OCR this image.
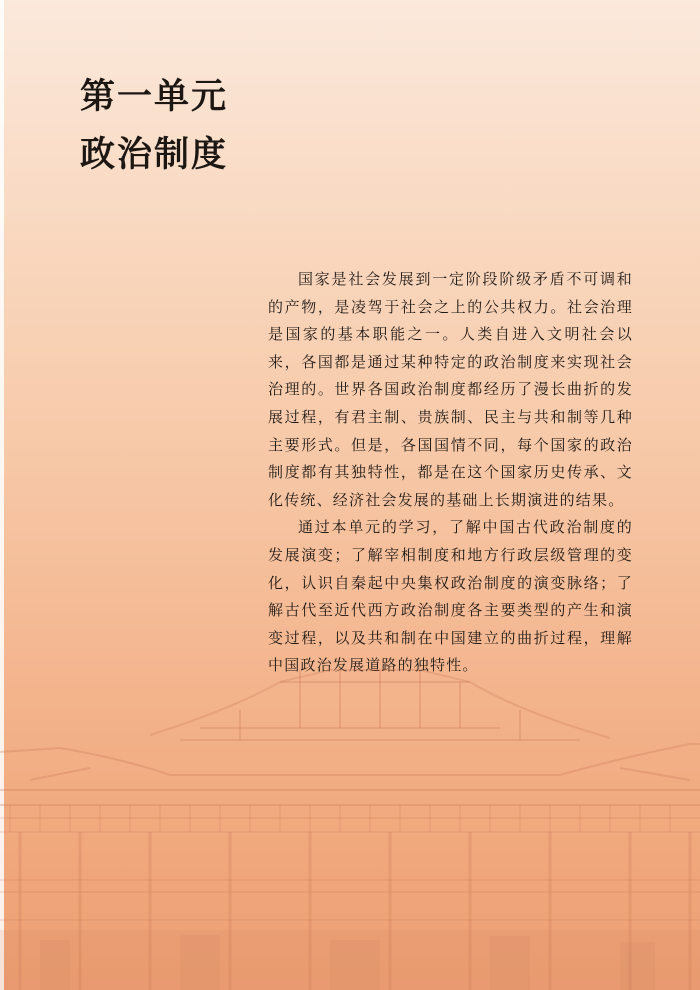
第一单元
政治制度

国家是社会发展到一定阶段阶级矛盾不可调和的产物，是凌驾于社会之上的公共权力。社会治理是国家的基本职能之一。人类自进入文明社会以来，各国都是通过某种特定的政治制度来实现社会治理的。世界各国政治制度都经历了漫长曲折的发展过程，有君主制、贵族制、民主与共和制等几种主要形式。但是，各国国情不同，每个国家的政治制度都有其独特性，都是在这个国家历史传承、文化传统、经济社会发展的基础上长期演进的结果。

通过本单元的学习，了解中国古代政治制度的发展演变；了解宰相制度和地方行政层级管理的变化，认识自秦起中央集权政治制度的演变脉络；了解古代至近代西方政治制度各主要类型的产生和演变过程，以及共和制在中国建立的曲折过程，理解中国政治发展道路的独特性。
